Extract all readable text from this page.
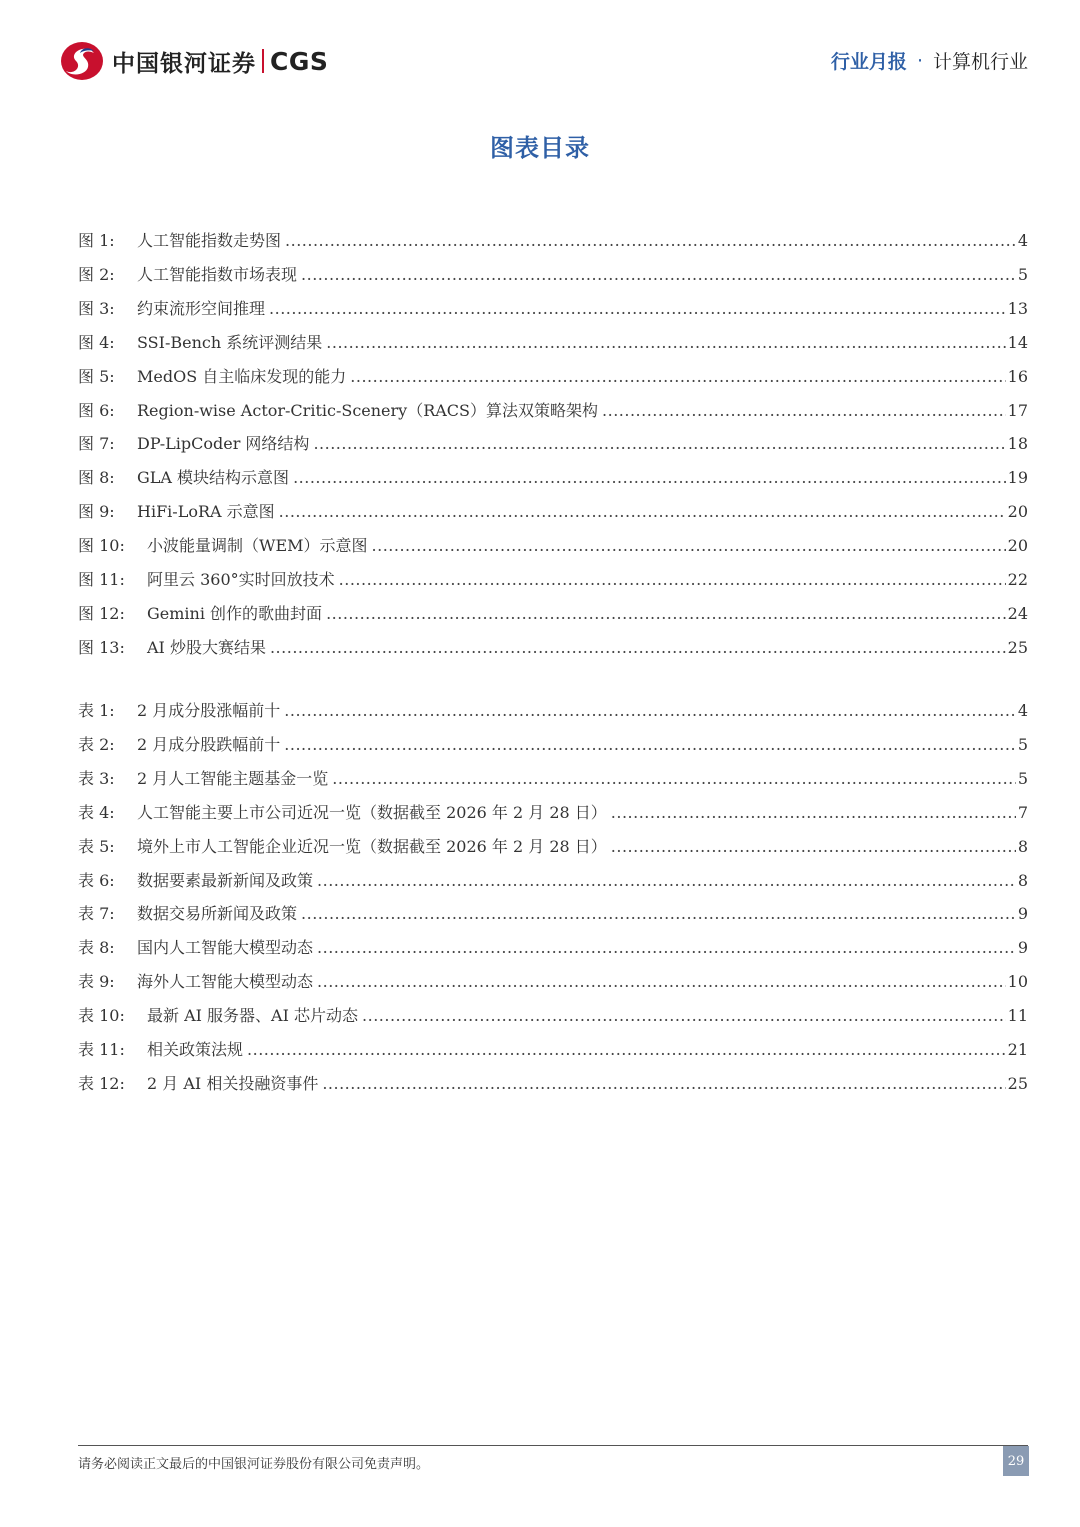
中国银河证券 CGS	行业月报 · 计算机行业
图表目录
图 1:	人工智能指数走势图 .....	4
图 2:	人工智能指数市场表现 .....	5
图 3:	约束流形空间推理 .....	13
图 4:	SSI-Bench 系统评测结果 .....	14
图 5:	MedOS 自主临床发现的能力 .....	16
图 6:	Region-wise Actor-Critic-Scenery（RACS）算法双策略架构 .....	17
图 7:	DP-LipCoder 网络结构 .....	18
图 8:	GLA 模块结构示意图 .....	19
图 9:	HiFi-LoRA 示意图 .....	20
图 10:	小波能量调制（WEM）示意图 .....	20
图 11:	阿里云 360°实时回放技术 .....	22
图 12:	Gemini 创作的歌曲封面 .....	24
图 13:	AI 炒股大赛结果 .....	25
表 1:	2 月成分股涨幅前十 .....	4
表 2:	2 月成分股跌幅前十 .....	5
表 3:	2 月人工智能主题基金一览 .....	5
表 4:	人工智能主要上市公司近况一览（数据截至 2026 年 2 月 28 日） .....	7
表 5:	境外上市人工智能企业近况一览（数据截至 2026 年 2 月 28 日） .....	8
表 6:	数据要素最新新闻及政策 .....	8
表 7:	数据交易所新闻及政策 .....	9
表 8:	国内人工智能大模型动态 .....	9
表 9:	海外人工智能大模型动态 .....	10
表 10:	最新 AI 服务器、AI 芯片动态 .....	11
表 11:	相关政策法规 .....	21
表 12:	2 月 AI 相关投融资事件 .....	25
请务必阅读正文最后的中国银河证券股份有限公司免责声明。	29
